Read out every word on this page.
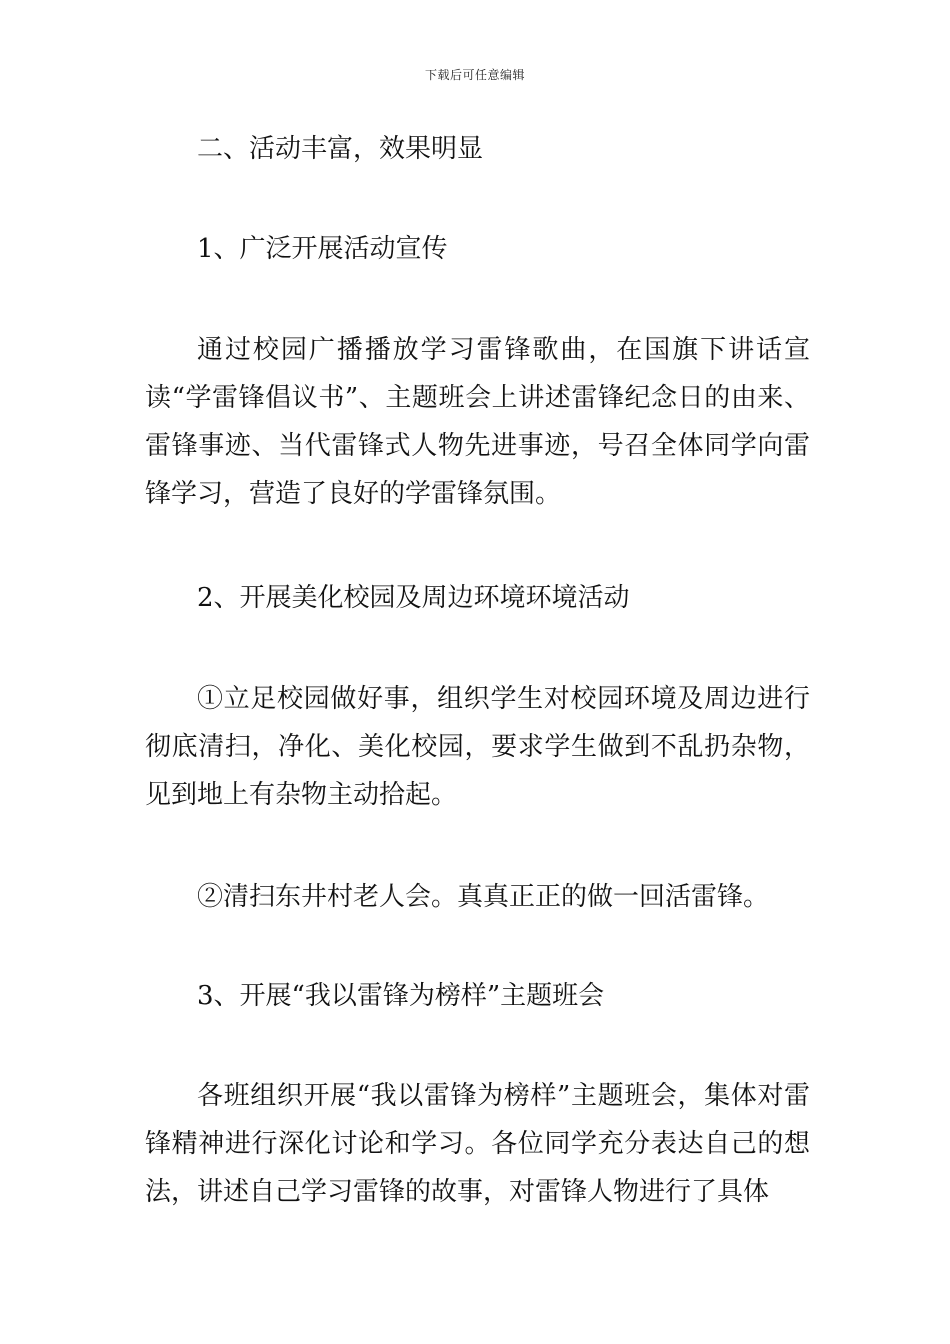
下载后可任意编辑

二、活动丰富，效果明显

1、广泛开展活动宣传

通过校园广播播放学习雷锋歌曲，在国旗下讲话宣读“学雷锋倡议书”、主题班会上讲述雷锋纪念日的由来、雷锋事迹、当代雷锋式人物先进事迹，号召全体同学向雷锋学习，营造了良好的学雷锋氛围。

2、开展美化校园及周边环境环境活动

①立足校园做好事，组织学生对校园环境及周边进行彻底清扫，净化、美化校园，要求学生做到不乱扔杂物，见到地上有杂物主动拾起。

②清扫东井村老人会。真真正正的做一回活雷锋。

3、开展“我以雷锋为榜样”主题班会

各班组织开展“我以雷锋为榜样”主题班会，集体对雷锋精神进行深化讨论和学习。各位同学充分表达自己的想法，讲述自己学习雷锋的故事，对雷锋人物进行了具体
